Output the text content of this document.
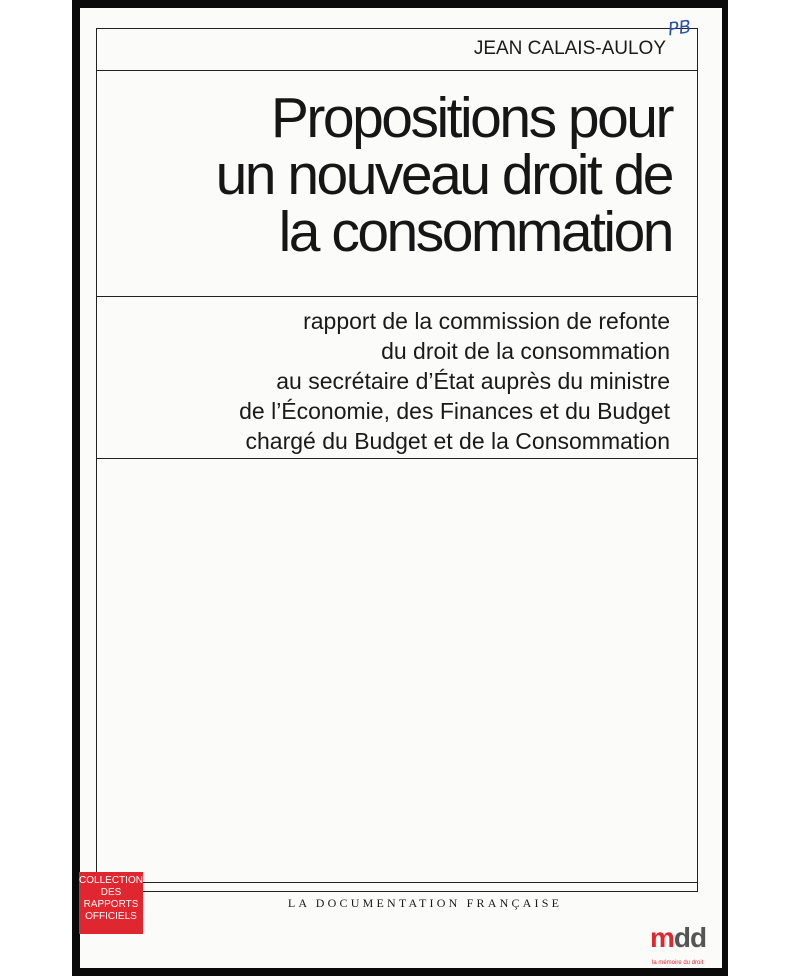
JEAN CALAIS-AULOY
PB
Propositions pour
un nouveau droit de
la consommation
rapport de la commission de refonte
du droit de la consommation
au secrétaire d’État auprès du ministre
de l’Économie, des Finances et du Budget
chargé du Budget et de la Consommation
LA DOCUMENTATION FRANÇAISE
COLLECTION
DES
RAPPORTS
OFFICIELS
mdd
la mémoire du droit
